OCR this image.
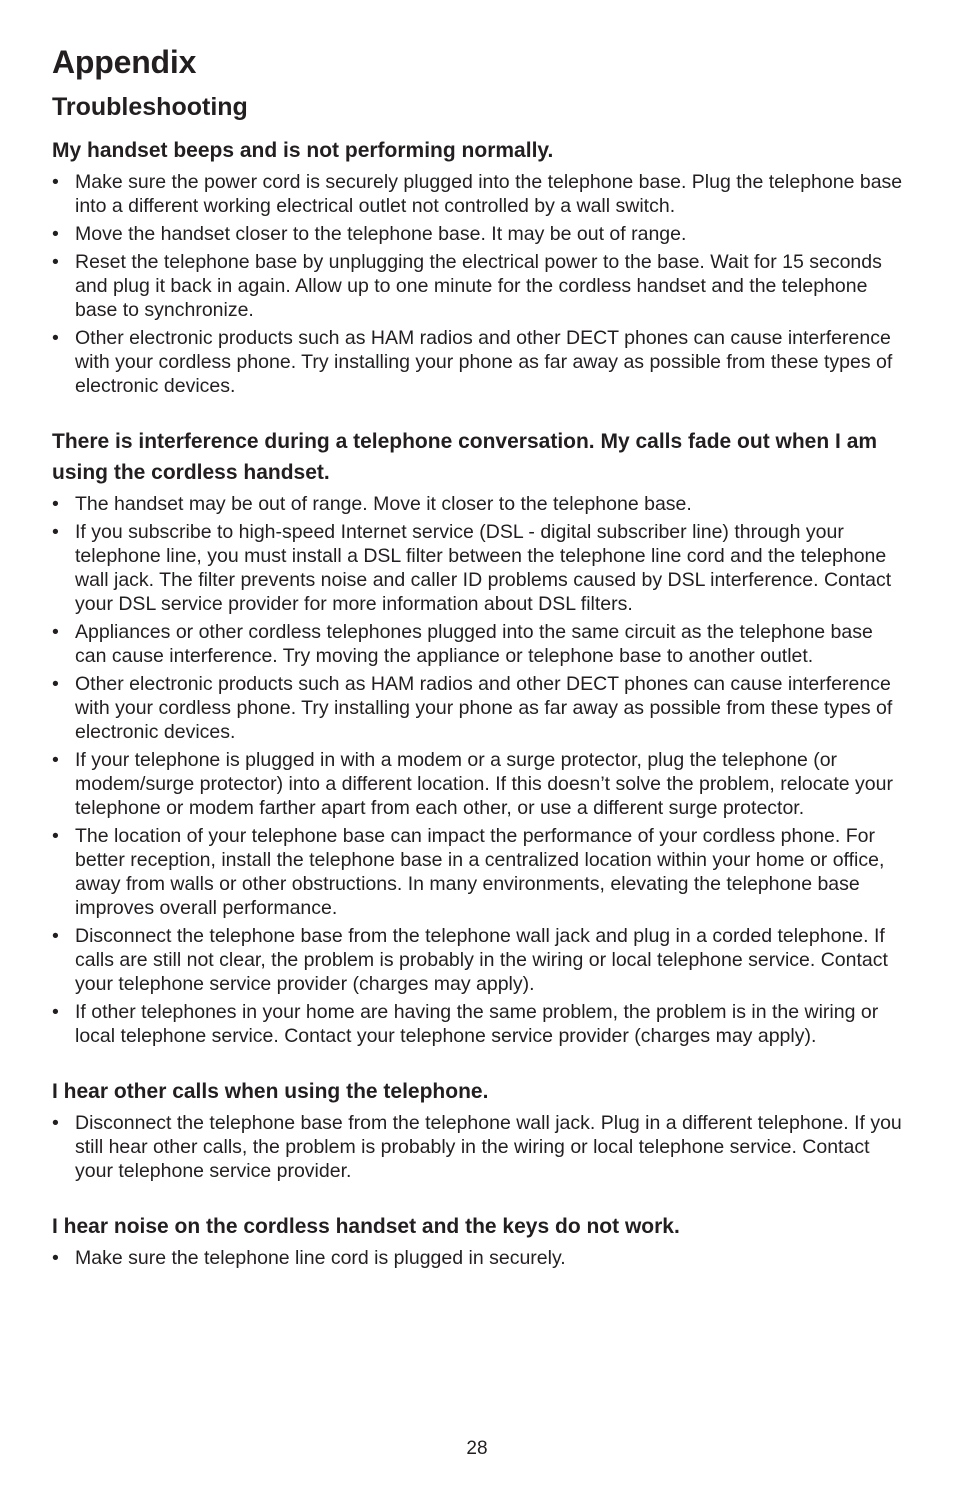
Appendix
Troubleshooting
My handset beeps and is not performing normally.
• Make sure the power cord is securely plugged into the telephone base. Plug the telephone base into a different working electrical outlet not controlled by a wall switch.
• Move the handset closer to the telephone base. It may be out of range.
• Reset the telephone base by unplugging the electrical power to the base. Wait for 15 seconds and plug it back in again. Allow up to one minute for the cordless handset and the telephone base to synchronize.
• Other electronic products such as HAM radios and other DECT phones can cause interference with your cordless phone. Try installing your phone as far away as possible from these types of electronic devices.
There is interference during a telephone conversation. My calls fade out when I am using the cordless handset.
• The handset may be out of range. Move it closer to the telephone base.
• If you subscribe to high-speed Internet service (DSL - digital subscriber line) through your telephone line, you must install a DSL filter between the telephone line cord and the telephone wall jack. The filter prevents noise and caller ID problems caused by DSL interference. Contact your DSL service provider for more information about DSL filters.
• Appliances or other cordless telephones plugged into the same circuit as the telephone base can cause interference. Try moving the appliance or telephone base to another outlet.
• Other electronic products such as HAM radios and other DECT phones can cause interference with your cordless phone. Try installing your phone as far away as possible from these types of electronic devices.
• If your telephone is plugged in with a modem or a surge protector, plug the telephone (or modem/surge protector) into a different location. If this doesn’t solve the problem, relocate your telephone or modem farther apart from each other, or use a different surge protector.
• The location of your telephone base can impact the performance of your cordless phone. For better reception, install the telephone base in a centralized location within your home or office, away from walls or other obstructions. In many environments, elevating the telephone base improves overall performance.
• Disconnect the telephone base from the telephone wall jack and plug in a corded telephone. If calls are still not clear, the problem is probably in the wiring or local telephone service. Contact your telephone service provider (charges may apply).
• If other telephones in your home are having the same problem, the problem is in the wiring or local telephone service. Contact your telephone service provider (charges may apply).
I hear other calls when using the telephone.
• Disconnect the telephone base from the telephone wall jack. Plug in a different telephone. If you still hear other calls, the problem is probably in the wiring or local telephone service. Contact your telephone service provider.
I hear noise on the cordless handset and the keys do not work.
• Make sure the telephone line cord is plugged in securely.
28
